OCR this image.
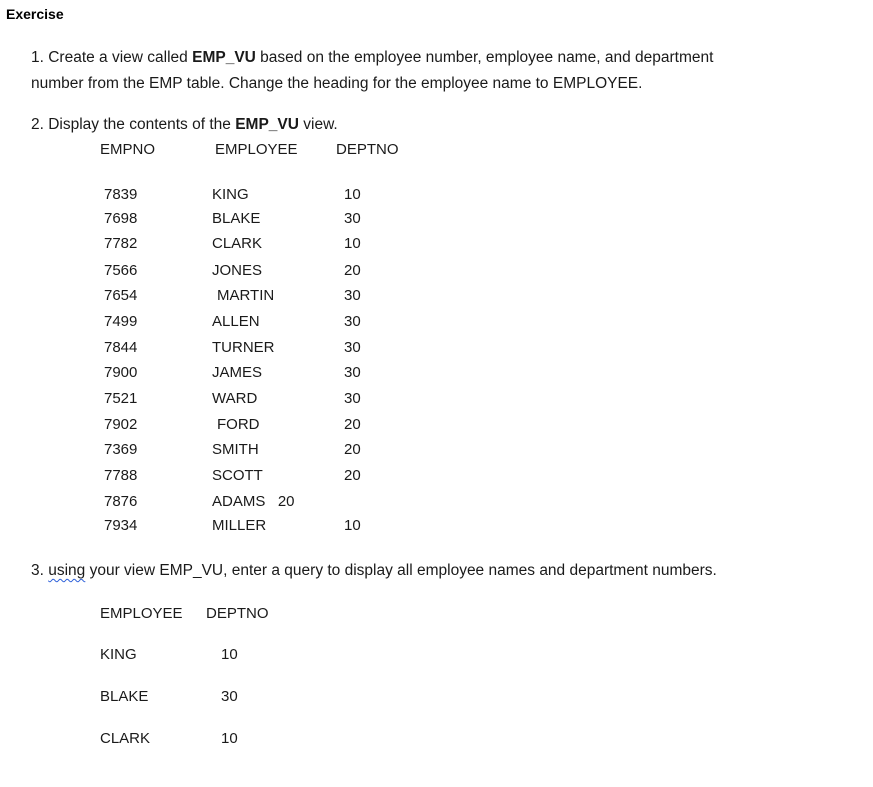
Exercise
1. Create a view called EMP_VU based on the employee number, employee name, and department
number from the EMP table. Change the heading for the employee name to EMPLOYEE.
2. Display the contents of the EMP_VU view.
EMPNO	EMPLOYEE	DEPTNO
7839	KING	10
7698	BLAKE	30
7782	CLARK	10
7566	JONES	20
7654	MARTIN	30
7499	ALLEN	30
7844	TURNER	30
7900	JAMES	30
7521	WARD	30
7902	FORD	20
7369	SMITH	20
7788	SCOTT	20
7876	ADAMS   20
7934	MILLER	10
3. using your view EMP_VU, enter a query to display all employee names and department numbers.
EMPLOYEE DEPTNO
KING	10
BLAKE	30
CLARK	10
